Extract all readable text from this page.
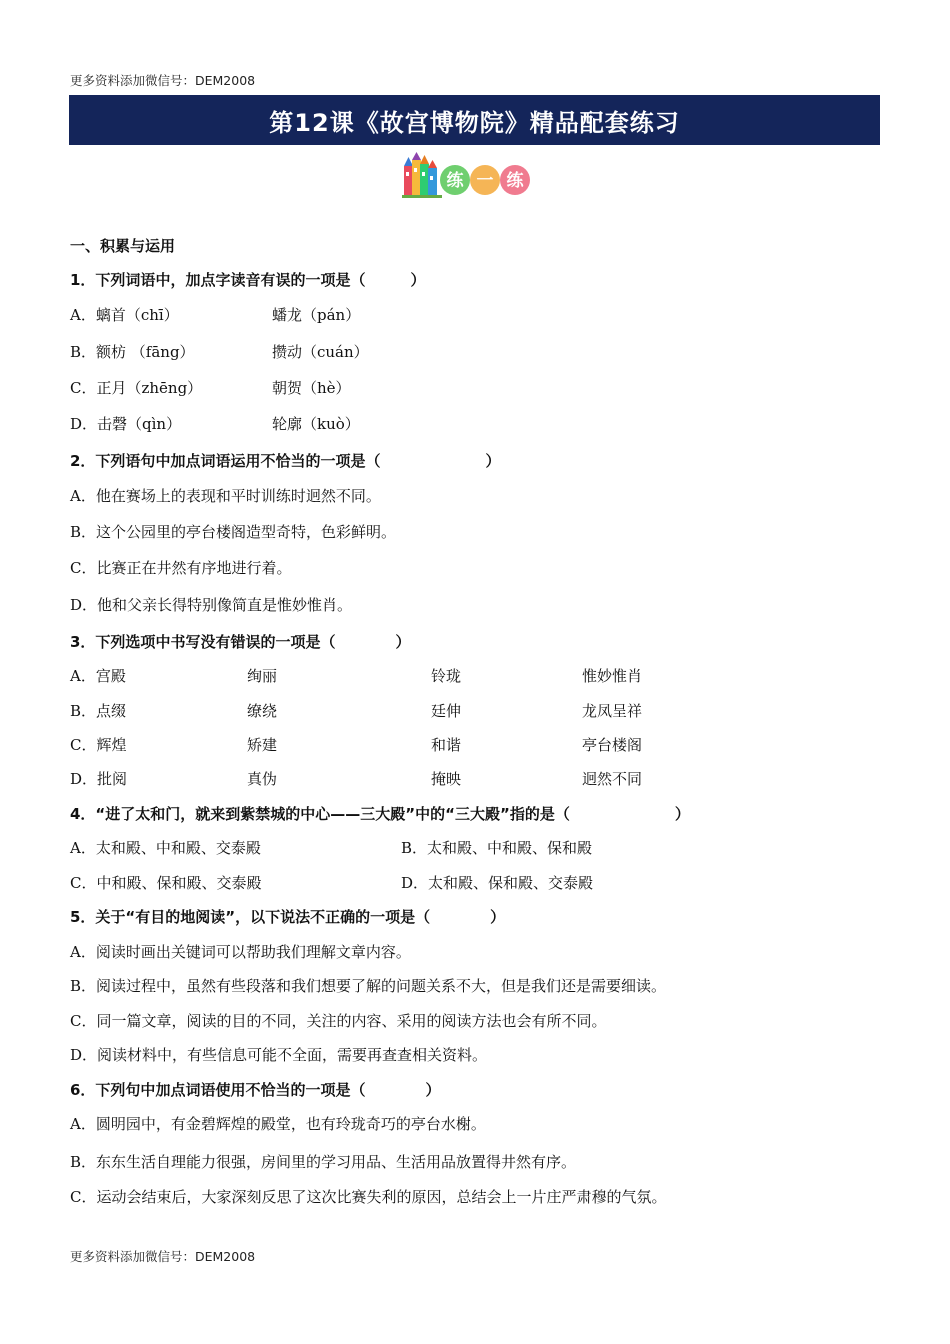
更多资料添加微信号：DEM2008
第12课《故宫博物院》精品配套练习
练 一 练
一、积累与运用
1．下列词语中，加点字读音有误的一项是（　　　）
A．螭首（chī）	蟠龙（pán）
B．额枋 （fāng）	攒动（cuán）
C．正月（zhēng）	朝贺（hè）
D．击磬（qìn）	轮廓（kuò）
2．下列语句中加点词语运用不恰当的一项是（　　　　　　　）
A．他在赛场上的表现和平时训练时迥然不同。
B．这个公园里的亭台楼阁造型奇特，色彩鲜明。
C．比赛正在井然有序地进行着。
D．他和父亲长得特别像简直是惟妙惟肖。
3．下列选项中书写没有错误的一项是（　　　　）
A．宫殿	绚丽	铃珑	惟妙惟肖
B．点缀	缭绕	廷伸	龙凤呈祥
C．辉煌	矫建	和谐	亭台楼阁
D．批阅	真伪	掩映	迥然不同
4．“进了太和门，就来到紫禁城的中心——三大殿”中的“三大殿”指的是（　　　　　　　）
A．太和殿、中和殿、交泰殿	B．太和殿、中和殿、保和殿
C．中和殿、保和殿、交泰殿	D．太和殿、保和殿、交泰殿
5．关于“有目的地阅读”，以下说法不正确的一项是（　　　　）
A．阅读时画出关键词可以帮助我们理解文章内容。
B．阅读过程中，虽然有些段落和我们想要了解的问题关系不大，但是我们还是需要细读。
C．同一篇文章，阅读的目的不同，关注的内容、采用的阅读方法也会有所不同。
D．阅读材料中，有些信息可能不全面，需要再查查相关资料。
6．下列句中加点词语使用不恰当的一项是（　　　　）
A．圆明园中，有金碧辉煌的殿堂，也有玲珑奇巧的亭台水榭。
B．东东生活自理能力很强，房间里的学习用品、生活用品放置得井然有序。
C．运动会结束后，大家深刻反思了这次比赛失利的原因，总结会上一片庄严肃穆的气氛。
更多资料添加微信号：DEM2008
